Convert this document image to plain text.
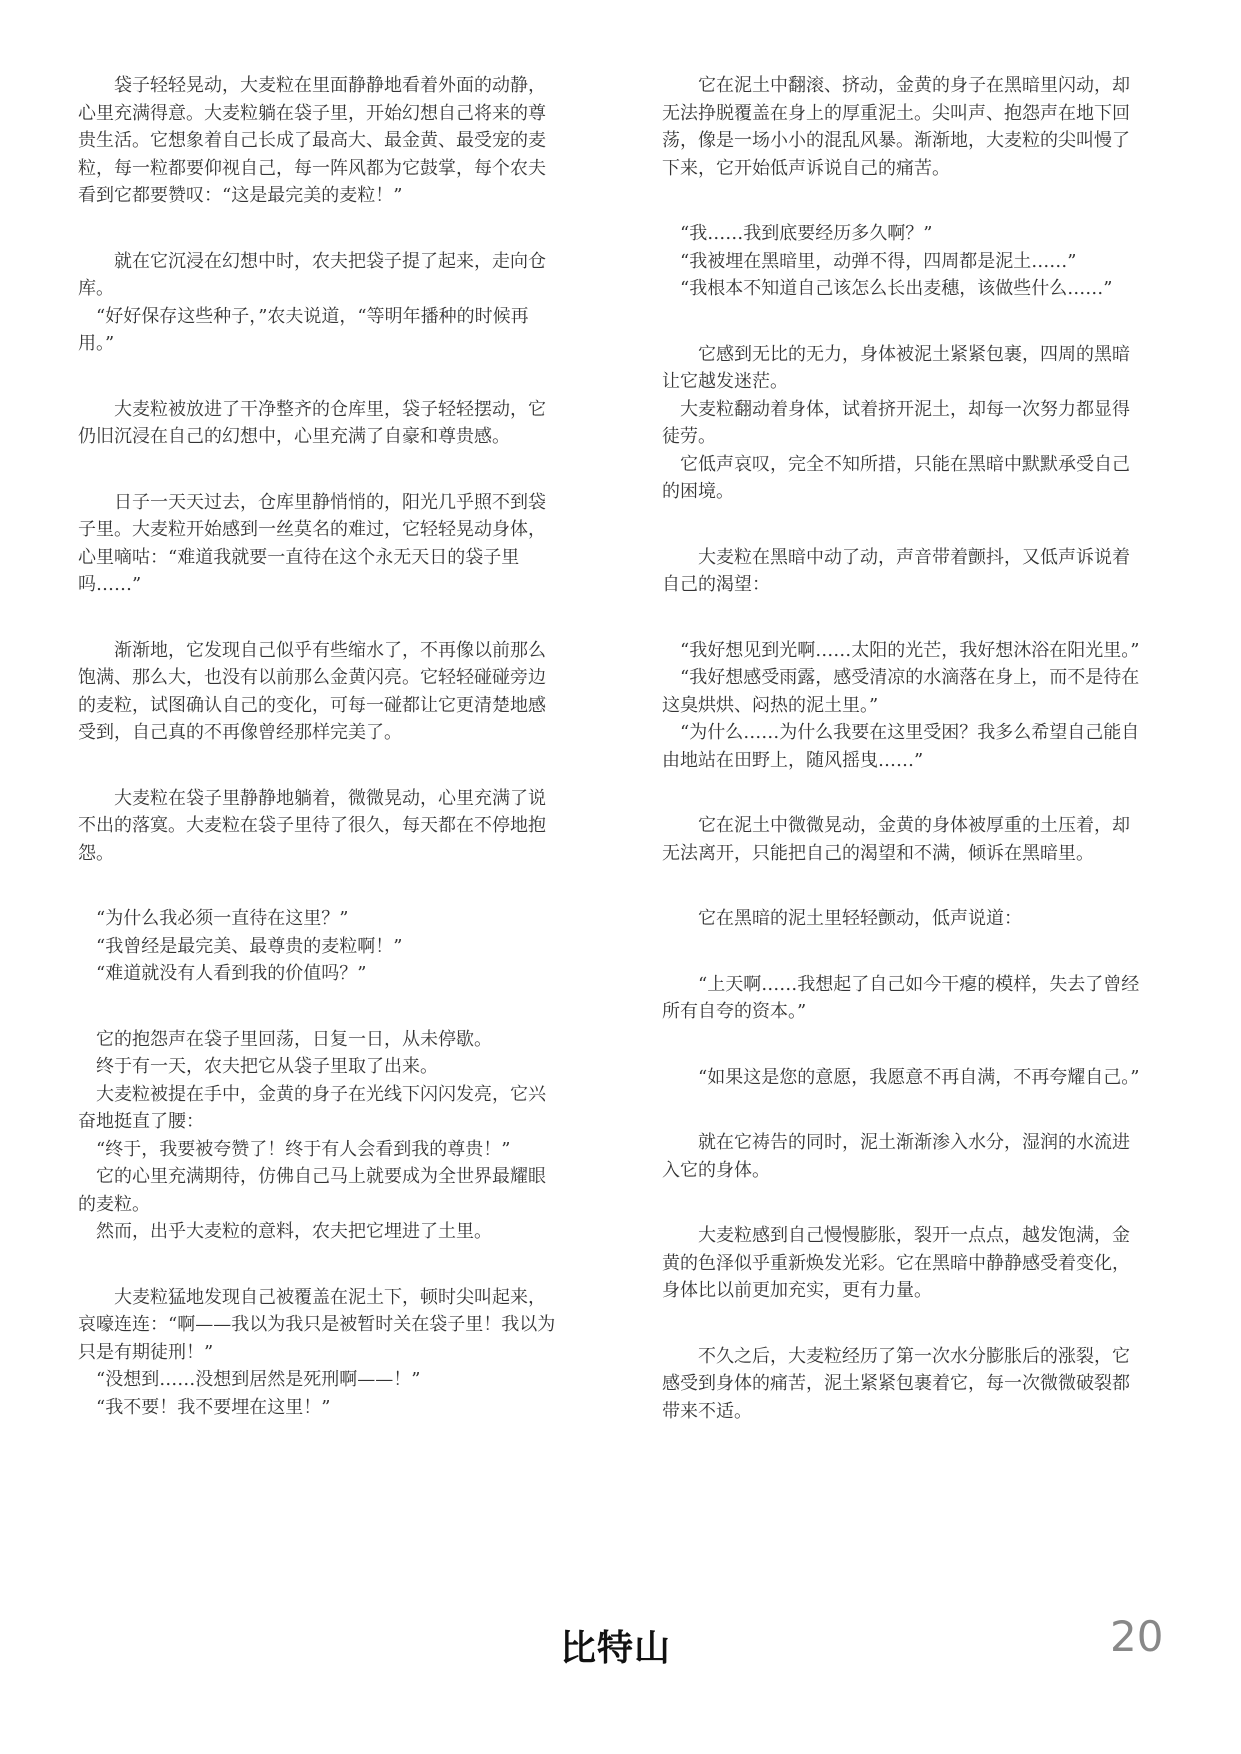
　　袋子轻轻晃动，大麦粒在里面静静地看着外面的动静，心里充满得意。大麦粒躺在袋子里，开始幻想自己将来的尊贵生活。它想象着自己长成了最高大、最金黄、最受宠的麦粒，每一粒都要仰视自己，每一阵风都为它鼓掌，每个农夫看到它都要赞叹：“这是最完美的麦粒！”

　　就在它沉浸在幻想中时，农夫把袋子提了起来，走向仓库。
　“好好保存这些种子，”农夫说道，“等明年播种的时候再用。”

　　大麦粒被放进了干净整齐的仓库里，袋子轻轻摆动，它仍旧沉浸在自己的幻想中，心里充满了自豪和尊贵感。

　　日子一天天过去，仓库里静悄悄的，阳光几乎照不到袋子里。大麦粒开始感到一丝莫名的难过，它轻轻晃动身体，心里嘀咕：“难道我就要一直待在这个永无天日的袋子里吗……”

　　渐渐地，它发现自己似乎有些缩水了，不再像以前那么饱满、那么大，也没有以前那么金黄闪亮。它轻轻碰碰旁边的麦粒，试图确认自己的变化，可每一碰都让它更清楚地感受到，自己真的不再像曾经那样完美了。

　　大麦粒在袋子里静静地躺着，微微晃动，心里充满了说不出的落寞。大麦粒在袋子里待了很久，每天都在不停地抱怨。

　“为什么我必须一直待在这里？”
　“我曾经是最完美、最尊贵的麦粒啊！”
　“难道就没有人看到我的价值吗？”

　它的抱怨声在袋子里回荡，日复一日，从未停歇。
　终于有一天，农夫把它从袋子里取了出来。
　大麦粒被提在手中，金黄的身子在光线下闪闪发亮，它兴奋地挺直了腰：
　“终于，我要被夸赞了！终于有人会看到我的尊贵！”
　它的心里充满期待，仿佛自己马上就要成为全世界最耀眼的麦粒。
　然而，出乎大麦粒的意料，农夫把它埋进了土里。

　　大麦粒猛地发现自己被覆盖在泥土下，顿时尖叫起来，哀嚎连连：“啊——我以为我只是被暂时关在袋子里！我以为只是有期徒刑！”
　“没想到……没想到居然是死刑啊——！”
　“我不要！我不要埋在这里！”

　　它在泥土中翻滚、挤动，金黄的身子在黑暗里闪动，却无法挣脱覆盖在身上的厚重泥土。尖叫声、抱怨声在地下回荡，像是一场小小的混乱风暴。渐渐地，大麦粒的尖叫慢了下来，它开始低声诉说自己的痛苦。

　“我……我到底要经历多久啊？”
　“我被埋在黑暗里，动弹不得，四周都是泥土……”
　“我根本不知道自己该怎么长出麦穗，该做些什么……”

　　它感到无比的无力，身体被泥土紧紧包裹，四周的黑暗让它越发迷茫。
　大麦粒翻动着身体，试着挤开泥土，却每一次努力都显得徒劳。
　它低声哀叹，完全不知所措，只能在黑暗中默默承受自己的困境。

　　大麦粒在黑暗中动了动，声音带着颤抖，又低声诉说着自己的渴望：

　“我好想见到光啊……太阳的光芒，我好想沐浴在阳光里。”
　“我好想感受雨露，感受清凉的水滴落在身上，而不是待在这臭烘烘、闷热的泥土里。”
　“为什么……为什么我要在这里受困？我多么希望自己能自由地站在田野上，随风摇曳……”

　　它在泥土中微微晃动，金黄的身体被厚重的土压着，却无法离开，只能把自己的渴望和不满，倾诉在黑暗里。

　　它在黑暗的泥土里轻轻颤动，低声说道：

　　“上天啊……我想起了自己如今干瘪的模样，失去了曾经所有自夸的资本。”

　　“如果这是您的意愿，我愿意不再自满，不再夸耀自己。”

　　就在它祷告的同时，泥土渐渐渗入水分，湿润的水流进入它的身体。

　　大麦粒感到自己慢慢膨胀，裂开一点点，越发饱满，金黄的色泽似乎重新焕发光彩。它在黑暗中静静感受着变化，身体比以前更加充实，更有力量。

　　不久之后，大麦粒经历了第一次水分膨胀后的涨裂，它感受到身体的痛苦，泥土紧紧包裹着它，每一次微微破裂都带来不适。

比特山	20
